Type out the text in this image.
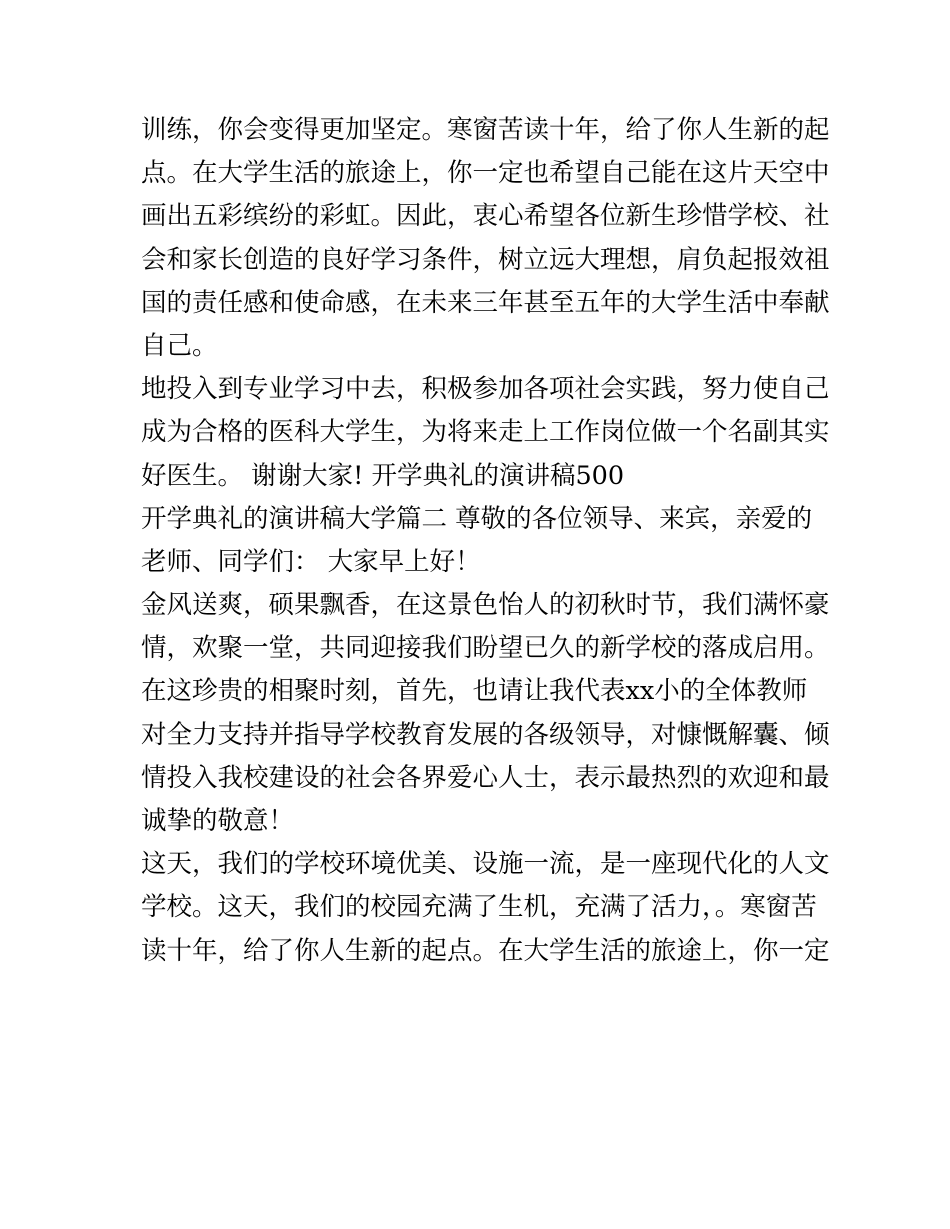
训练，你会变得更加坚定。寒窗苦读十年，给了你人生新的起
点。在大学生活的旅途上，你一定也希望自己能在这片天空中
画出五彩缤纷的彩虹。因此，衷心希望各位新生珍惜学校、社
会和家长创造的良好学习条件，树立远大理想，肩负起报效祖
国的责任感和使命感，在未来三年甚至五年的大学生活中奉献
自己。
地投入到专业学习中去，积极参加各项社会实践，努力使自己
成为合格的医科大学生，为将来走上工作岗位做一个名副其实
好医生。 谢谢大家! 开学典礼的演讲稿500
开学典礼的演讲稿大学篇二 尊敬的各位领导、来宾，亲爱的
老师、同学们： 大家早上好！
金风送爽，硕果飘香，在这景色怡人的初秋时节，我们满怀豪
情，欢聚一堂，共同迎接我们盼望已久的新学校的落成启用。
在这珍贵的相聚时刻，首先，也请让我代表xx小的全体教师
对全力支持并指导学校教育发展的各级领导，对慷慨解囊、倾
情投入我校建设的社会各界爱心人士，表示最热烈的欢迎和最
诚挚的敬意！
这天，我们的学校环境优美、设施一流，是一座现代化的人文
学校。这天，我们的校园充满了生机，充满了活力，。寒窗苦
读十年，给了你人生新的起点。在大学生活的旅途上，你一定
